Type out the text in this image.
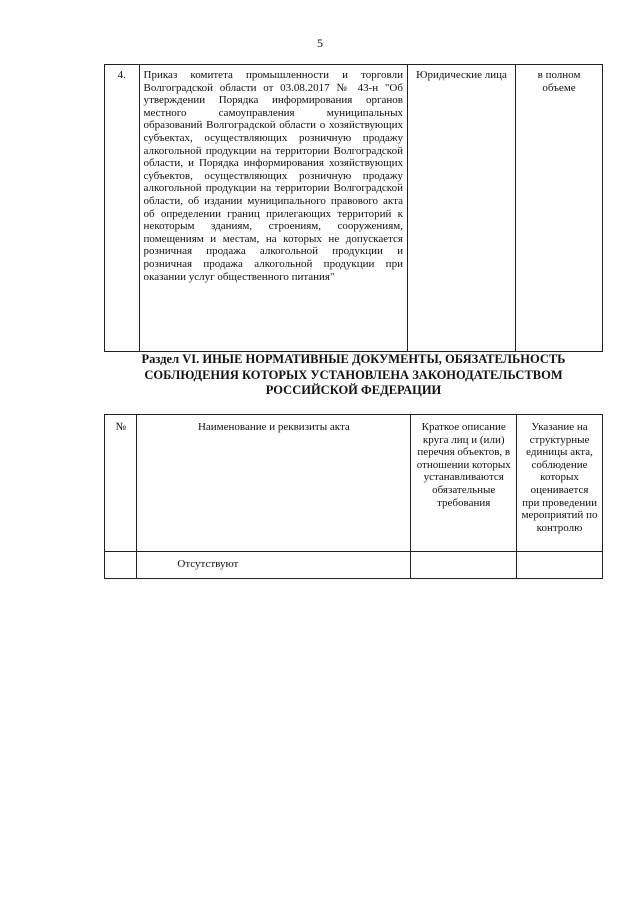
5
4.	Приказ комитета промышленности и торговли Волгоградской области от 03.08.2017 № 43-н "Об утверждении Порядка информирования органов местного самоуправления муниципальных образований Волгоградской области о хозяйствующих субъектах, осуществляющих розничную продажу алкогольной продукции на территории Волгоградской области, и Порядка информирования хозяйствующих субъектов, осуществляющих розничную продажу алкогольной продукции на территории Волгоградской области, об издании муниципального правового акта об определении границ прилегающих территорий к некоторым зданиям, строениям, сооружениям, помещениям и местам, на которых не допускается розничная продажа алкогольной продукции и розничная продажа алкогольной продукции при оказании услуг общественного питания"	Юридические лица	в полном объеме
Раздел VI. ИНЫЕ НОРМАТИВНЫЕ ДОКУМЕНТЫ, ОБЯЗАТЕЛЬНОСТЬ СОБЛЮДЕНИЯ КОТОРЫХ УСТАНОВЛЕНА ЗАКОНОДАТЕЛЬСТВОМ РОССИЙСКОЙ ФЕДЕРАЦИИ
№	Наименование и реквизиты акта	Краткое описание круга лиц и (или) перечня объектов, в отношении которых устанавливаются обязательные требования	Указание на структурные единицы акта, соблюдение которых оценивается при проведении мероприятий по контролю
	Отсутствуют		
